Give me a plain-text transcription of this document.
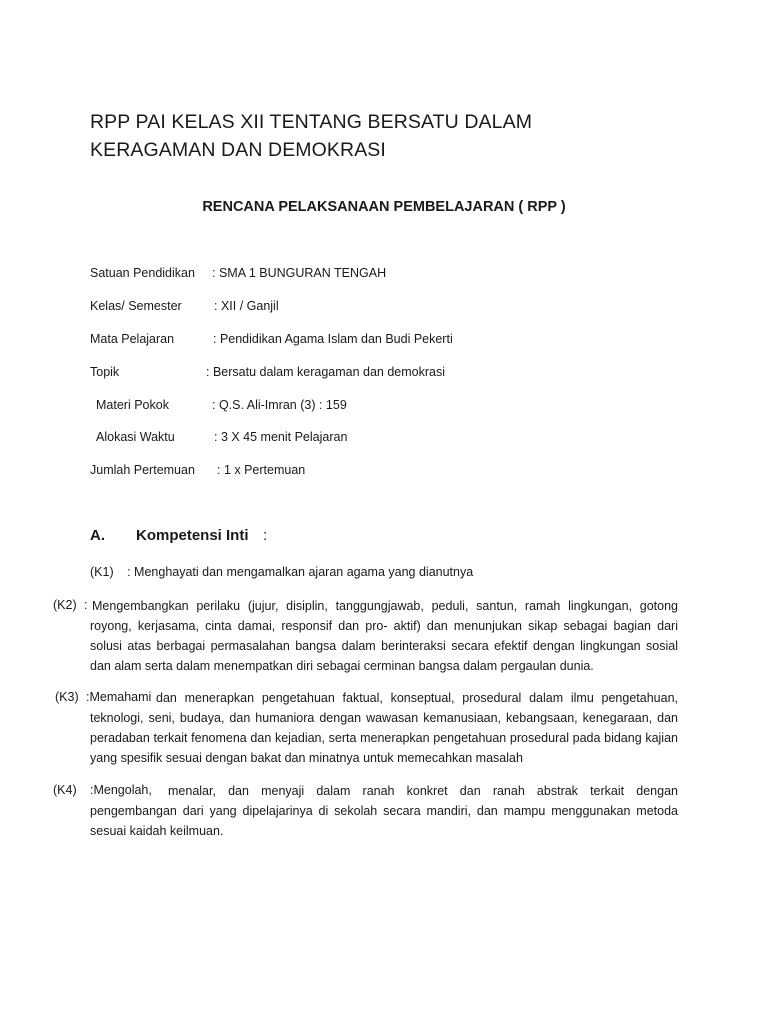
RPP PAI KELAS XII TENTANG BERSATU DALAM
KERAGAMAN DAN DEMOKRASI
RENCANA PELAKSANAAN PEMBELAJARAN ( RPP )
Satuan Pendidikan : SMA 1 BUNGURAN TENGAH
Kelas/ Semester	: XII / Ganjil
Mata Pelajaran	: Pendidikan Agama Islam dan Budi Pekerti
Topik	: Bersatu dalam keragaman dan demokrasi
Materi Pokok	: Q.S. Ali-Imran (3) : 159
Alokasi Waktu	: 3 X 45 menit Pelajaran
Jumlah Pertemuan : 1 x Pertemuan
A. Kompetensi Inti :
(K1) : Menghayati dan mengamalkan ajaran agama yang dianutnya
(K2) : Mengembangkan perilaku (jujur, disiplin, tanggungjawab, peduli, santun, ramah lingkungan, gotong royong, kerjasama, cinta damai, responsif dan pro- aktif) dan menunjukan sikap sebagai bagian dari solusi atas berbagai permasalahan bangsa dalam berinteraksi secara efektif dengan lingkungan sosial dan alam serta dalam menempatkan diri sebagai cerminan bangsa dalam pergaulan dunia.
(K3) :Memahami dan menerapkan pengetahuan faktual, konseptual, prosedural dalam ilmu pengetahuan, teknologi, seni, budaya, dan humaniora dengan wawasan kemanusiaan, kebangsaan, kenegaraan, dan peradaban terkait fenomena dan kejadian, serta menerapkan pengetahuan prosedural pada bidang kajian yang spesifik sesuai dengan bakat dan minatnya untuk memecahkan masalah
(K4) :Mengolah,	menalar, dan menyaji dalam ranah konkret dan ranah abstrak terkait dengan pengembangan dari yang dipelajarinya di sekolah secara mandiri, dan mampu menggunakan metoda sesuai kaidah keilmuan.
